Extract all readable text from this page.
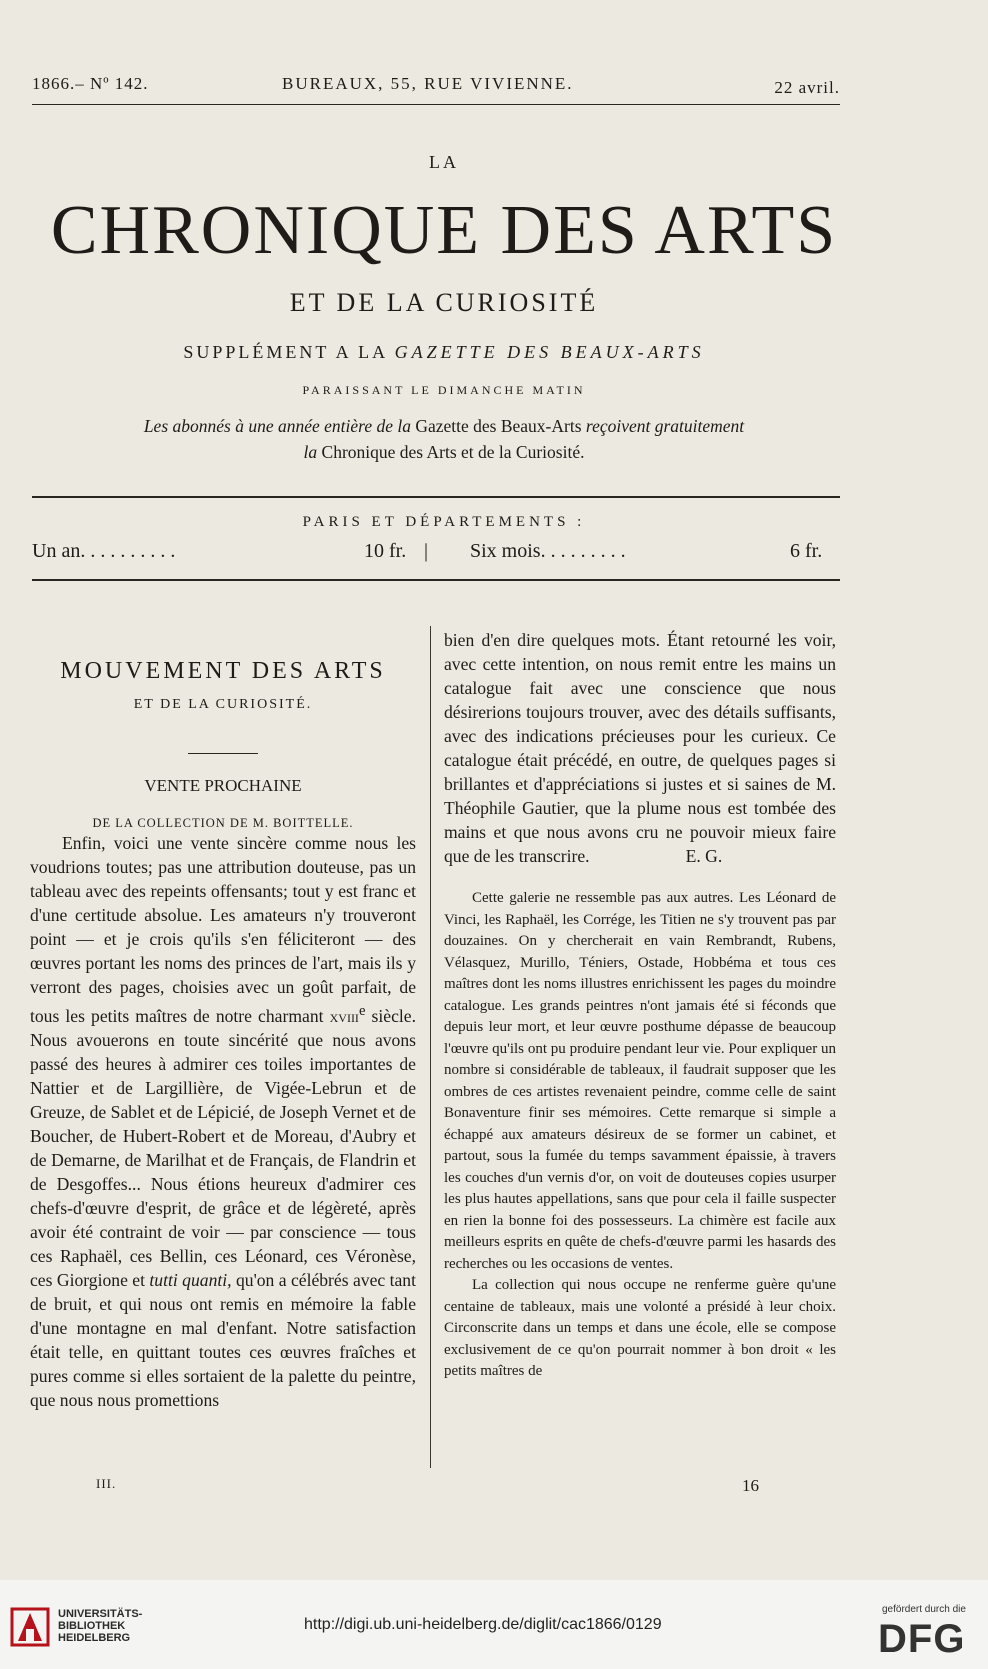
1866.– Nº 142.	BUREAUX, 55, RUE VIVIENNE.	22 avril.
LA
CHRONIQUE DES ARTS
ET DE LA CURIOSITÉ
SUPPLÉMENT A LA GAZETTE DES BEAUX-ARTS
PARAISSANT LE DIMANCHE MATIN
Les abonnés à une année entière de la Gazette des Beaux-Arts reçoivent gratuitement
la Chronique des Arts et de la Curiosité.
PARIS ET DÉPARTEMENTS :
Un an. . . . . . . . . .	10 fr. | Six mois. . . . . . . . .	6 fr.
MOUVEMENT DES ARTS
ET DE LA CURIOSITÉ.
VENTE PROCHAINE
DE LA COLLECTION DE M. BOITTELLE.

Enfin, voici une vente sincère comme nous les voudrions toutes; pas une attribution douteuse, pas un tableau avec des repeints offensants; tout y est franc et d'une certitude absolue. Les amateurs n'y trouveront point — et je crois qu'ils s'en féliciteront — des œuvres portant les noms des princes de l'art, mais ils y verront des pages, choisies avec un goût parfait, de tous les petits maîtres de notre charmant xviii$^e$ siècle. Nous avouerons en toute sincérité que nous avons passé des heures à admirer ces toiles importantes de Nattier et de Largillière, de Vigée-Lebrun et de Greuze, de Sablet et de Lépicié, de Joseph Vernet et de Boucher, de Hubert-Robert et de Moreau, d'Aubry et de Demarne, de Marilhat et de Français, de Flandrin et de Desgoffes... Nous étions heureux d'admirer ces chefs-d'œuvre d'esprit, de grâce et de légèreté, après avoir été contraint de voir — par conscience — tous ces Raphaël, ces Bellin, ces Léonard, ces Véronèse, ces Giorgione et tutti quanti, qu'on a célébrés avec tant de bruit, et qui nous ont remis en mémoire la fable d'une montagne en mal d'enfant. Notre satisfaction était telle, en quittant toutes ces œuvres fraîches et pures comme si elles sortaient de la palette du peintre, que nous nous promettions

bien d'en dire quelques mots. Étant retourné les voir, avec cette intention, on nous remit entre les mains un catalogue fait avec une conscience que nous désirerions toujours trouver, avec des détails suffisants, avec des indications précieuses pour les curieux. Ce catalogue était précédé, en outre, de quelques pages si brillantes et d'appréciations si justes et si saines de M. Théophile Gautier, que la plume nous est tombée des mains et que nous avons cru ne pouvoir mieux faire que de les transcrire.	E. G.

Cette galerie ne ressemble pas aux autres. Les Léonard de Vinci, les Raphaël, les Corrége, les Titien ne s'y trouvent pas par douzaines. On y chercherait en vain Rembrandt, Rubens, Vélasquez, Murillo, Téniers, Ostade, Hobbéma et tous ces maîtres dont les noms illustres enrichissent les pages du moindre catalogue. Les grands peintres n'ont jamais été si féconds que depuis leur mort, et leur œuvre posthume dépasse de beaucoup l'œuvre qu'ils ont pu produire pendant leur vie. Pour expliquer un nombre si considérable de tableaux, il faudrait supposer que les ombres de ces artistes revenaient peindre, comme celle de saint Bonaventure finir ses mémoires. Cette remarque si simple a échappé aux amateurs désireux de se former un cabinet, et partout, sous la fumée du temps savamment épaissie, à travers les couches d'un vernis d'or, on voit de douteuses copies usurper les plus hautes appellations, sans que pour cela il faille suspecter en rien la bonne foi des possesseurs. La chimère est facile aux meilleurs esprits en quête de chefs-d'œuvre parmi les hasards des recherches ou les occasions de ventes.

La collection qui nous occupe ne renferme guère qu'une centaine de tableaux, mais une volonté a présidé à leur choix. Circonscrite dans un temps et dans une école, elle se compose exclusivement de ce qu'on pourrait nommer à bon droit « les petits maîtres de

III.	16
UNIVERSITÄTS-
BIBLIOTHEK
HEIDELBERG
http://digi.ub.uni-heidelberg.de/diglit/cac1866/0129
gefördert durch die
DFG
